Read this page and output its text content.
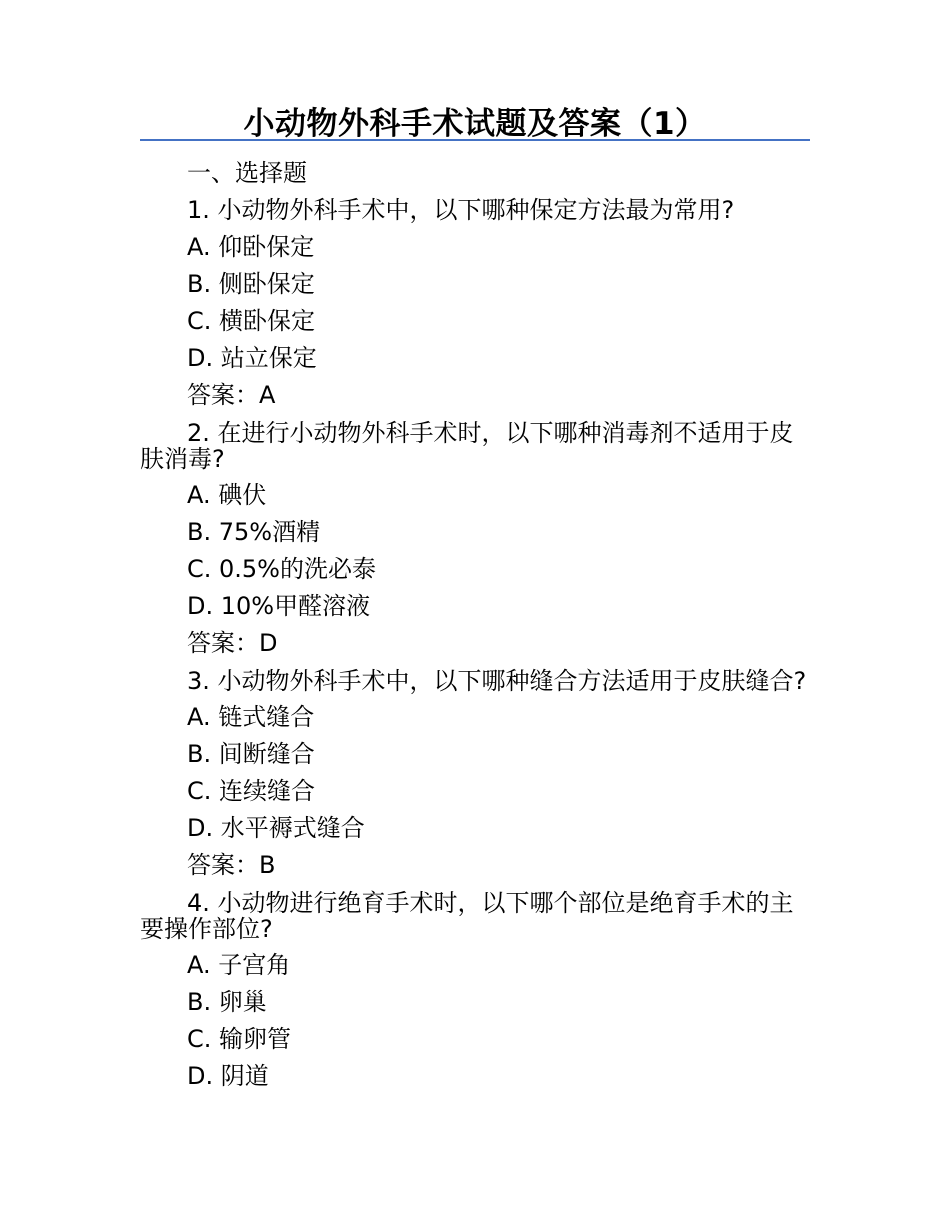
小动物外科手术试题及答案（1）

一、选择题

1. 小动物外科手术中，以下哪种保定方法最为常用?

A. 仰卧保定

B. 侧卧保定

C. 横卧保定

D. 站立保定

答案：A

2. 在进行小动物外科手术时，以下哪种消毒剂不适用于皮肤消毒?

A. 碘伏

B. 75%酒精

C. 0.5%的洗必泰

D. 10%甲醛溶液

答案：D

3. 小动物外科手术中，以下哪种缝合方法适用于皮肤缝合?

A. 链式缝合

B. 间断缝合

C. 连续缝合

D. 水平褥式缝合

答案：B

4. 小动物进行绝育手术时，以下哪个部位是绝育手术的主要操作部位?

A. 子宫角

B. 卵巢

C. 输卵管

D. 阴道
